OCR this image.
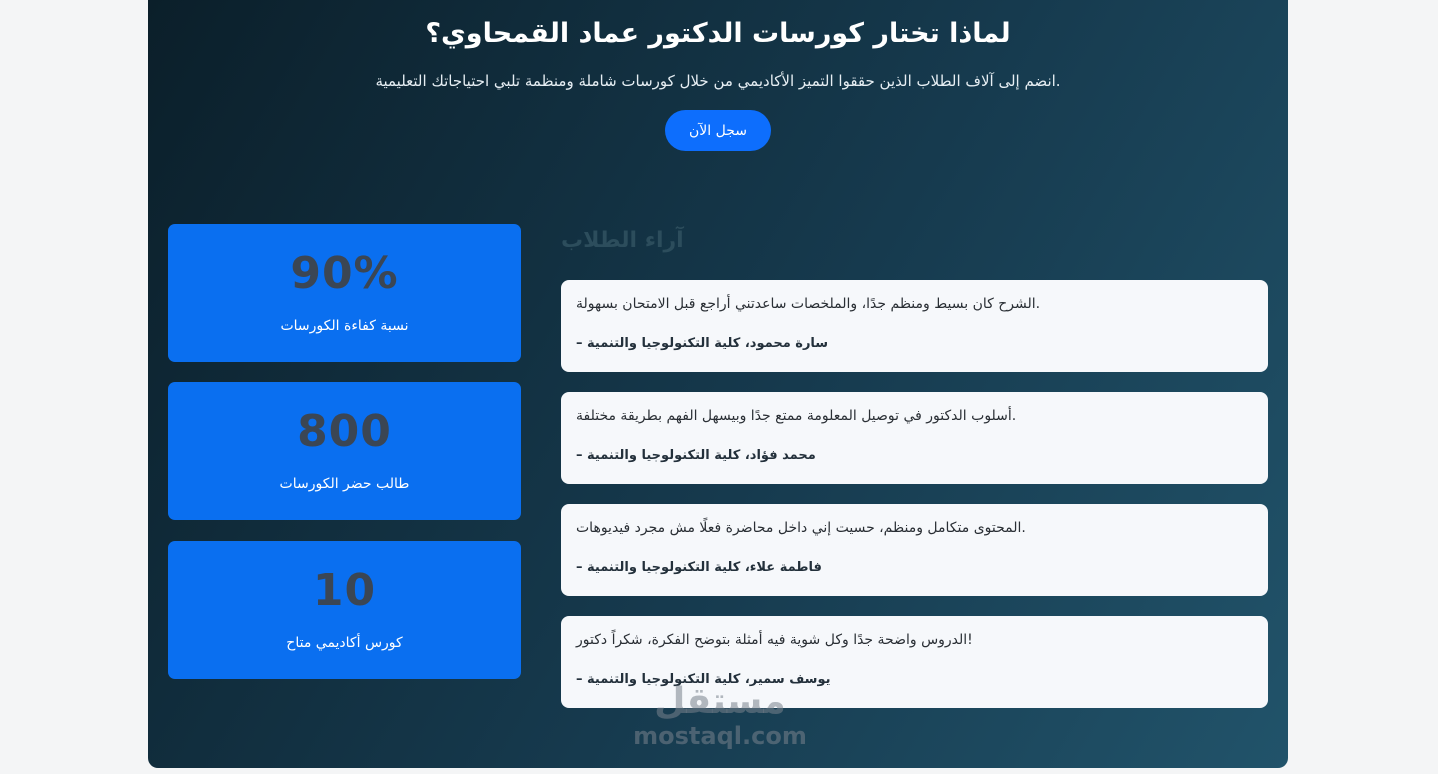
لماذا تختار كورسات الدكتور عماد القمحاوي؟

.انضم إلى آلاف الطلاب الذين حققوا التميز الأكاديمي من خلال كورسات شاملة ومنظمة تلبي احتياجاتك التعليمية

سجل الآن
90%
نسبة كفاءة الكورسات
800
طالب حضر الكورسات
10
كورس أكاديمي متاح
آراء الطلاب

.الشرح كان بسيط ومنظم جدًا، والملخصات ساعدتني أراجع قبل الامتحان بسهولة

سارة محمود، كلية التكنولوجيا والتنمية –

.أسلوب الدكتور في توصيل المعلومة ممتع جدًا وبيسهل الفهم بطريقة مختلفة

محمد فؤاد، كلية التكنولوجيا والتنمية –

.المحتوى متكامل ومنظم، حسيت إني داخل محاضرة فعلًا مش مجرد فيديوهات

فاطمة علاء، كلية التكنولوجيا والتنمية –

!الدروس واضحة جدًا وكل شوية فيه أمثلة بتوضح الفكرة، شكراً دكتور

يوسف سمير، كلية التكنولوجيا والتنمية –

مستقل
mostaql.com
